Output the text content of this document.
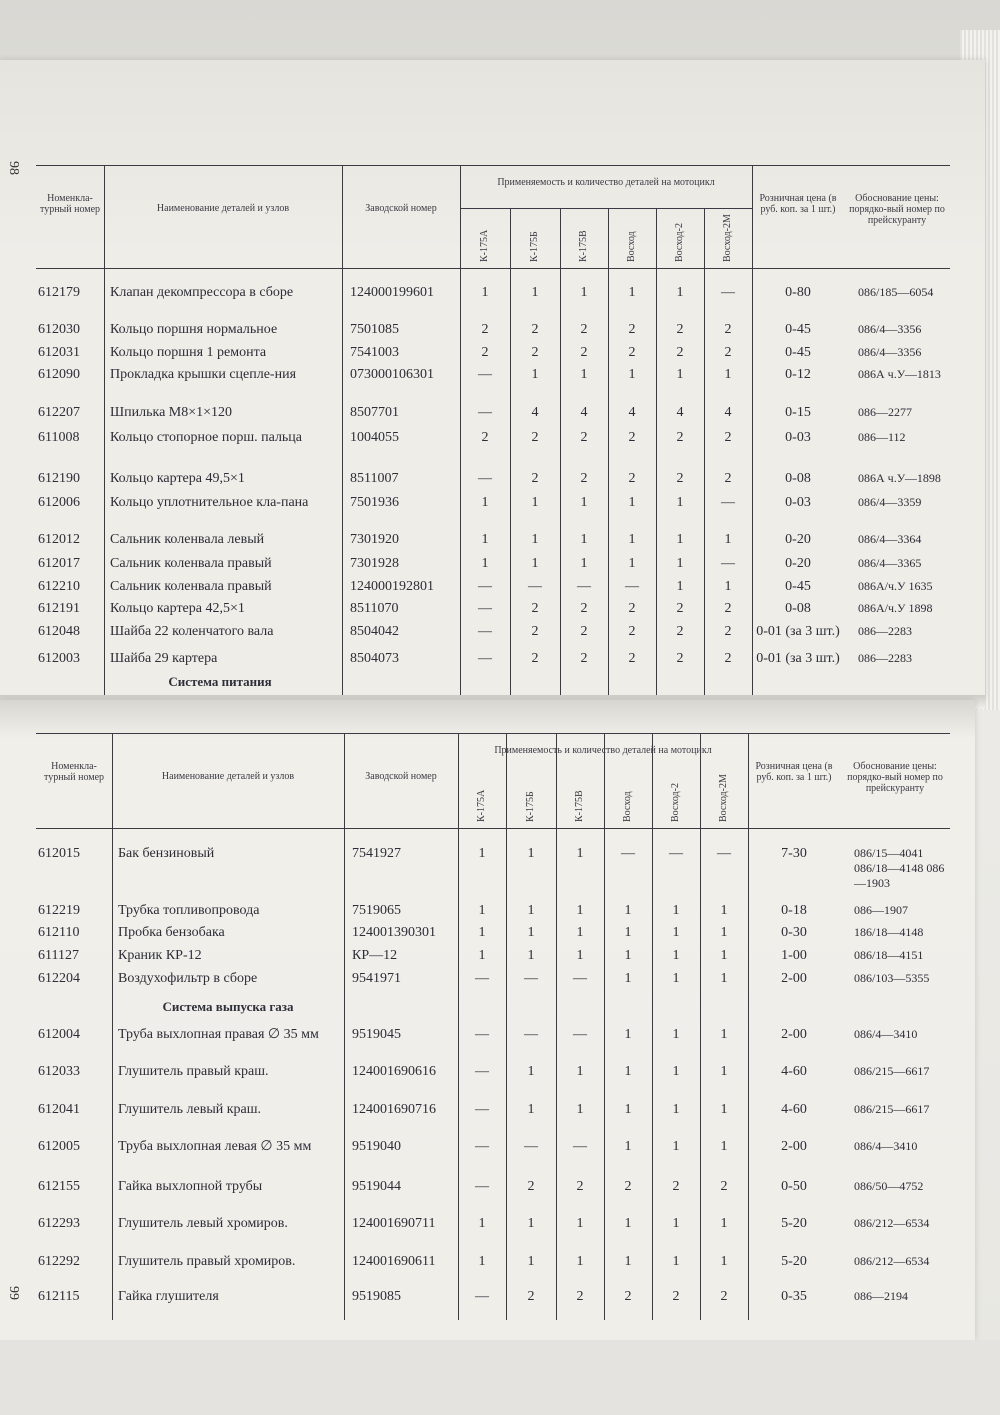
98
Номенкла-турный номер	Наименование деталей и узлов	Заводской номер
Применяемость и количество деталей на мотоцикл
Розничная цена (в руб. коп. за 1 шт.)
Обоснование цены: порядко-вый номер по прейскуранту
К-175А	К-175Б	К-175В	Восход	Восход-2	Восход-2М
612179 Клапан декомпрессора в сборе	124000199601	1	1	1	1	1	—	0-80	086/185—6054
612030 Кольцо поршня нормальное	7501085	2	2	2	2	2	2	0-45	086/4—3356
612031 Кольцо поршня 1 ремонта	7541003	2	2	2	2	2	2	0-45	086/4—3356
612090 Прокладка крышки сцепле-ния	073000106301	—	1	1	1	1	1	0-12	086А ч.У—1813
612207 Шпилька М8×1×120	8507701	—	4	4	4	4	4	0-15	086—2277
611008 Кольцо стопорное порш. пальца	1004055	2	2	2	2	2	2	0-03	086—112
612190 Кольцо картера 49,5×1	8511007	—	2	2	2	2	2	0-08	086А ч.У—1898
612006 Кольцо уплотнительное кла-пана	7501936	1	1	1	1	1	—	0-03	086/4—3359
612012 Сальник коленвала левый	7301920	1	1	1	1	1	1	0-20	086/4—3364
612017 Сальник коленвала правый	7301928	1	1	1	1	1	—	0-20	086/4—3365
612210 Сальник коленвала правый	124000192801	—	—	—	—	1	1	0-45	086А/ч.У 1635
612191 Кольцо картера 42,5×1	8511070	—	2	2	2	2	2	0-08	086А/ч.У 1898
612048 Шайба 22 коленчатого вала	8504042	—	2	2	2	2	2	0-01 (за 3 шт.)	086—2283
612003 Шайба 29 картера	8504073	—	2	2	2	2	2	0-01 (за 3 шт.)	086—2283
Система питания
99
Номенкла-турный номер	Наименование деталей и узлов	Заводской номер
Применяемость и количество деталей на мотоцикл
Розничная цена (в руб. коп. за 1 шт.)
Обоснование цены: порядко-вый номер по прейскуранту
К-175А	К-175Б	К-175В	Восход	Восход-2	Восход-2М
612015	Бак бензиновый	7541927	1	1	1	—	—	—	7-30	086/15—4041 086/18—4148 086—1903
612219	Трубка топливопровода	7519065	1	1	1	1	1	1	0-18	086—1907
612110	Пробка бензобака	124001390301	1	1	1	1	1	1	0-30	186/18—4148
611127	Краник КР-12	КР—12	1	1	1	1	1	1	1-00	086/18—4151
612204	Воздухофильтр в сборе	9541971	—	—	—	1	1	1	2-00	086/103—5355
612004	Труба выхлопная правая ∅ 35 мм	9519045	—	—	—	1	1	1	2-00	086/4—3410
612033	Глушитель правый краш.	124001690616	—	1	1	1	1	1	4-60	086/215—6617
612041	Глушитель левый краш.	124001690716	—	1	1	1	1	1	4-60	086/215—6617
612005	Труба выхлопная левая ∅ 35 мм	9519040	—	—	—	1	1	1	2-00	086/4—3410
612155	Гайка выхлопной трубы	9519044	—	2	2	2	2	2	0-50	086/50—4752
612293	Глушитель левый хромиров.	124001690711	1	1	1	1	1	1	5-20	086/212—6534
612292	Глушитель правый хромиров.	124001690611	1	1	1	1	1	1	5-20	086/212—6534
612115	Гайка глушителя	9519085	—	2	2	2	2	2	0-35	086—2194
Система выпуска газа
